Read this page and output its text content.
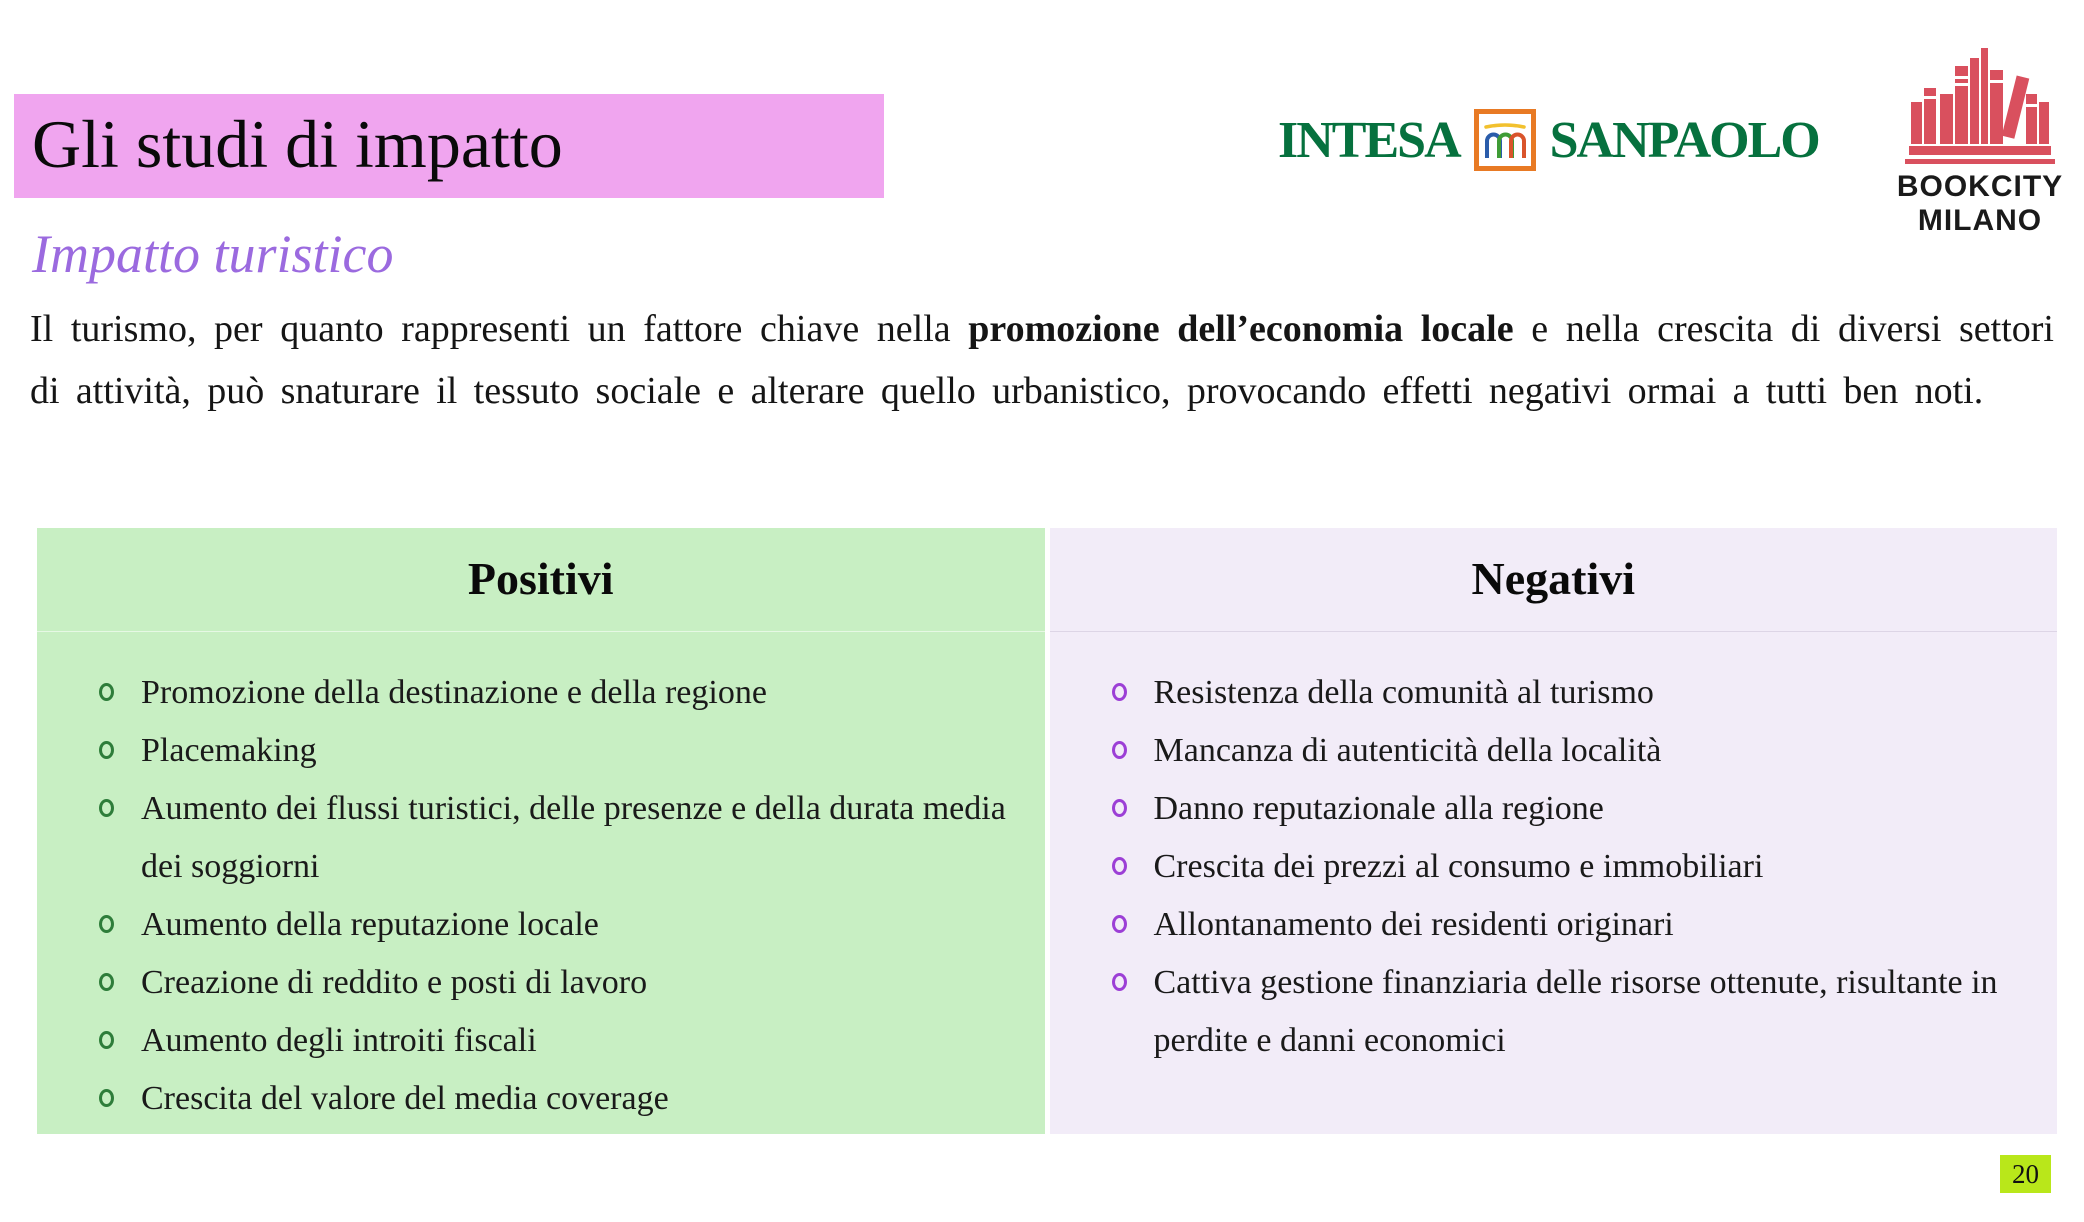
Gli studi di impatto
Impatto turistico

Il turismo, per quanto rappresenti un fattore chiave nella promozione dell’economia locale e nella crescita di diversi settori di attività, può snaturare il tessuto sociale e alterare quello urbanistico, provocando effetti negativi ormai a tutti ben noti.

INTESA SANPAOLO
BOOKCITY
MILANO
Positivi
Promozione della destinazione e della regione
Placemaking
Aumento dei flussi turistici, delle presenze e della durata media dei soggiorni
Aumento della reputazione locale
Creazione di reddito e posti di lavoro
Aumento degli introiti fiscali
Crescita del valore del media coverage
Negativi
Resistenza della comunità al turismo
Mancanza di autenticità della località
Danno reputazionale alla regione
Crescita dei prezzi al consumo e immobiliari
Allontanamento dei residenti originari
Cattiva gestione finanziaria delle risorse ottenute, risultante in perdite e danni economici
20
